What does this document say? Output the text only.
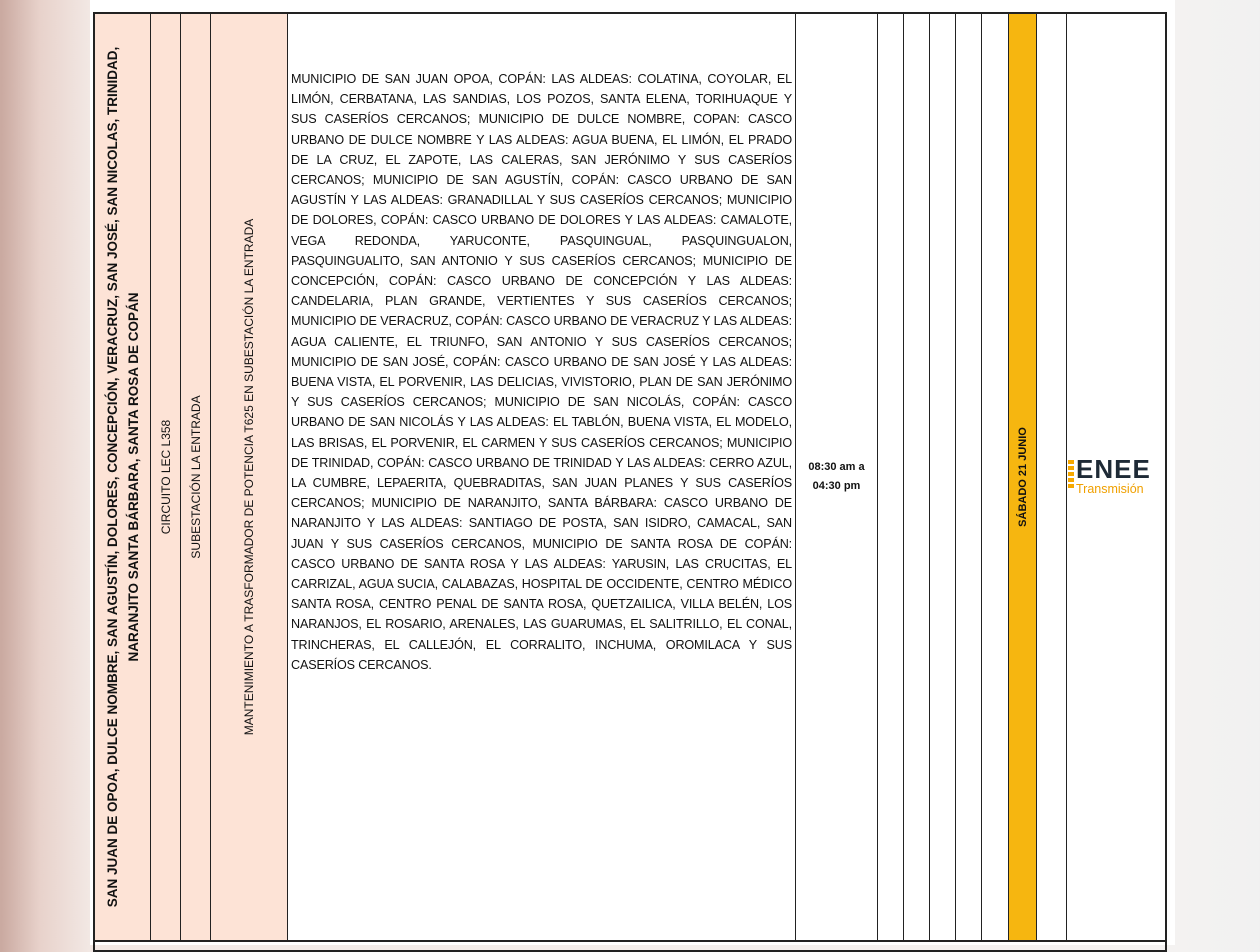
SAN JUAN DE OPOA, DULCE NOMBRE, SAN AGUSTÍN, DOLORES, CONCEPCIÓN, VERACRUZ, SAN JOSÉ, SAN NICOLAS, TRINIDAD, NARANJITO SANTA BÁRBARA, SANTA ROSA DE COPÁN CIRCUITO LEC L358 SUBESTACIÓN LA ENTRADA	MANTENIMIENTO A TRASFORMADOR DE POTENCIA T625 EN SUBESTACIÓN LA ENTRADA
MUNICIPIO DE SAN JUAN OPOA, COPÁN: LAS ALDEAS: COLATINA, COYOLAR, EL LIMÓN, CERBATANA, LAS SANDIAS, LOS POZOS, SANTA ELENA, TORIHUAQUE Y SUS CASERÍOS CERCANOS; MUNICIPIO DE DULCE NOMBRE, COPAN: CASCO URBANO DE DULCE NOMBRE Y LAS ALDEAS: AGUA BUENA, EL LIMÓN, EL PRADO DE LA CRUZ, EL ZAPOTE, LAS CALERAS, SAN JERÓNIMO Y SUS CASERÍOS CERCANOS; MUNICIPIO DE SAN AGUSTÍN, COPÁN: CASCO URBANO DE SAN AGUSTÍN Y LAS ALDEAS: GRANADILLAL Y SUS CASERÍOS CERCANOS; MUNICIPIO DE DOLORES, COPÁN: CASCO URBANO DE DOLORES Y LAS ALDEAS: CAMALOTE, VEGA REDONDA, YARUCONTE, PASQUINGUAL, PASQUINGUALON, PASQUINGUALITO, SAN ANTONIO Y SUS CASERÍOS CERCANOS; MUNICIPIO DE CONCEPCIÓN, COPÁN: CASCO URBANO DE CONCEPCIÓN Y LAS ALDEAS: CANDELARIA, PLAN GRANDE, VERTIENTES Y SUS CASERÍOS CERCANOS; MUNICIPIO DE VERACRUZ, COPÁN: CASCO URBANO DE VERACRUZ Y LAS ALDEAS: AGUA CALIENTE, EL TRIUNFO, SAN ANTONIO Y SUS CASERÍOS CERCANOS; MUNICIPIO DE SAN JOSÉ, COPÁN: CASCO URBANO DE SAN JOSÉ Y LAS ALDEAS: BUENA VISTA, EL PORVENIR, LAS DELICIAS, VIVISTORIO, PLAN DE SAN JERÓNIMO Y SUS CASERÍOS CERCANOS; MUNICIPIO DE SAN NICOLÁS, COPÁN: CASCO URBANO DE SAN NICOLÁS Y LAS ALDEAS: EL TABLÓN, BUENA VISTA, EL MODELO, LAS BRISAS, EL PORVENIR, EL CARMEN Y SUS CASERÍOS CERCANOS; MUNICIPIO DE TRINIDAD, COPÁN: CASCO URBANO DE TRINIDAD Y LAS ALDEAS: CERRO AZUL, LA CUMBRE, LEPAERITA, QUEBRADITAS, SAN JUAN PLANES Y SUS CASERÍOS CERCANOS; MUNICIPIO DE NARANJITO, SANTA BÁRBARA: CASCO URBANO DE NARANJITO Y LAS ALDEAS: SANTIAGO DE POSTA, SAN ISIDRO, CAMACAL, SAN JUAN Y SUS CASERÍOS CERCANOS, MUNICIPIO DE SANTA ROSA DE COPÁN: CASCO URBANO DE SANTA ROSA Y LAS ALDEAS: YARUSIN, LAS CRUCITAS, EL CARRIZAL, AGUA SUCIA, CALABAZAS, HOSPITAL DE OCCIDENTE, CENTRO MÉDICO SANTA ROSA, CENTRO PENAL DE SANTA ROSA, QUETZAILICA, VILLA BELÉN, LOS NARANJOS, EL ROSARIO, ARENALES, LAS GUARUMAS, EL SALITRILLO, EL CONAL, TRINCHERAS, EL CALLEJÓN, EL CORRALITO, INCHUMA, OROMILACA Y SUS CASERÍOS CERCANOS.
08:30 am a
04:30 pm	SÁBADO 21 JUNIO ENEE
Transmisión
